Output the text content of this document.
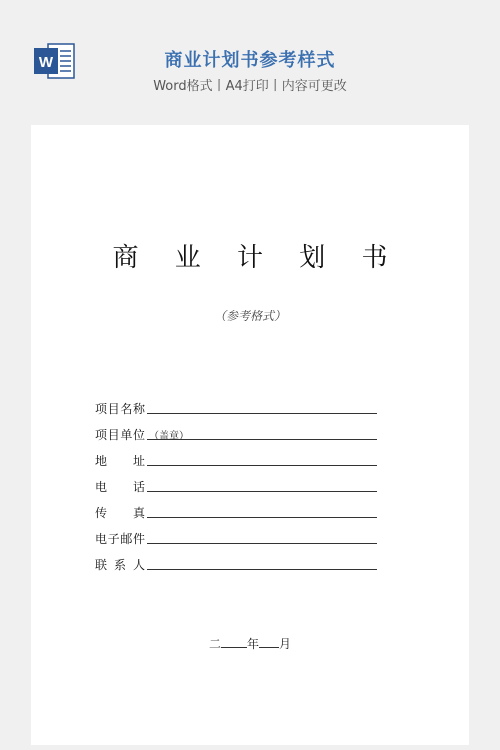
W	商业计划书参考样式
Word格式丨A4打印丨内容可更改
商 业 计 划 书
（参考格式）
项目名称
项目单位 （盖章）
地 址
电 话
传 真
电子邮件
联 系 人
二 年 月
